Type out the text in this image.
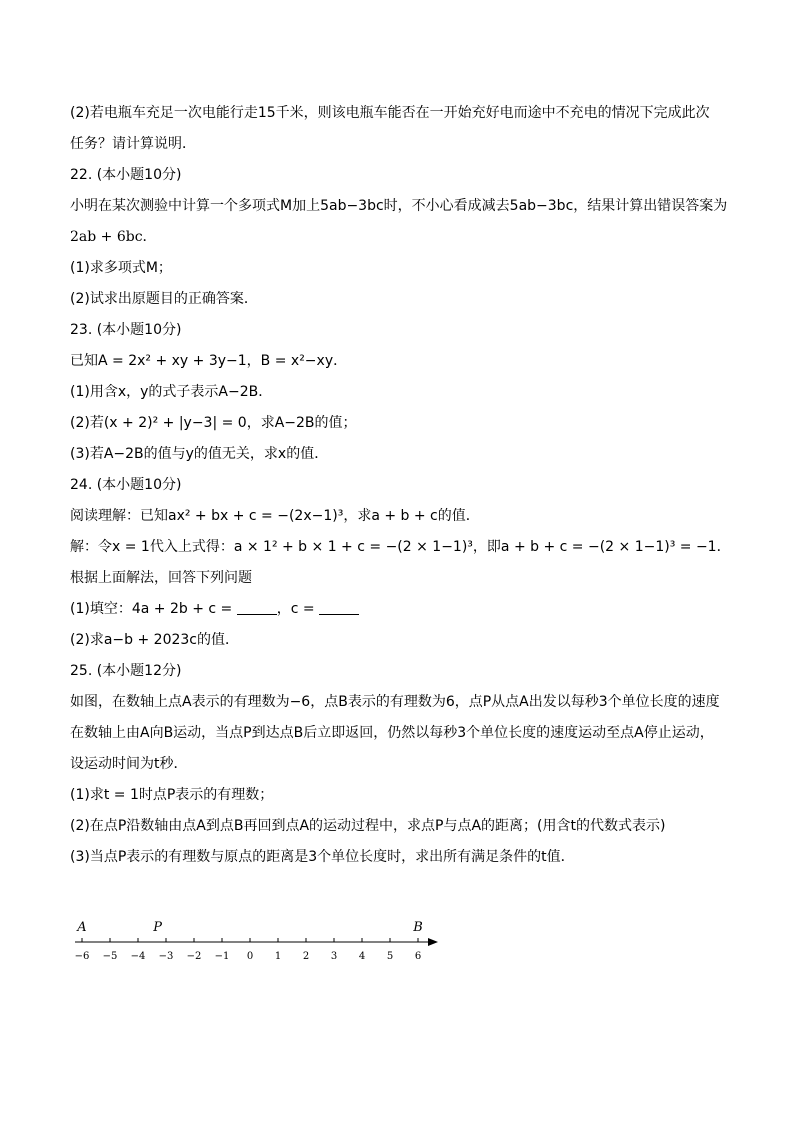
(2)若电瓶车充足一次电能行走15千米，则该电瓶车能否在一开始充好电而途中不充电的情况下完成此次
任务？请计算说明．
22. (本小题10分)
小明在某次测验中计算一个多项式M加上5ab−3bc时，不小心看成减去5ab−3bc，结果计算出错误答案为
2ab + 6bc．
(1)求多项式M；
(2)试求出原题目的正确答案．
23. (本小题10分)
已知A = 2x² + xy + 3y−1，B = x²−xy．
(1)用含x，y的式子表示A−2B．
(2)若(x + 2)² + |y−3| = 0，求A−2B的值；
(3)若A−2B的值与y的值无关，求x的值．
24. (本小题10分)
阅读理解：已知ax² + bx + c = −(2x−1)³，求a + b + c的值．
解：令x = 1代入上式得：a × 1² + b × 1 + c = −(2 × 1−1)³，即a + b + c = −(2 × 1−1)³ = −1．
根据上面解法，回答下列问题
(1)填空：4a + 2b + c =	，c =
(2)求a−b + 2023c的值．
25. (本小题12分)
如图，在数轴上点A表示的有理数为−6，点B表示的有理数为6，点P从点A出发以每秒3个单位长度的速度
在数轴上由A向B运动，当点P到达点B后立即返回，仍然以每秒3个单位长度的速度运动至点A停止运动，
设运动时间为t秒．
(1)求t = 1时点P表示的有理数；
(2)在点P沿数轴由点A到点B再回到点A的运动过程中，求点P与点A的距离；(用含t的代数式表示)
(3)当点P表示的有理数与原点的距离是3个单位长度时，求出所有满足条件的t值．
−6 −5 −4 −3 −2 −1 0 1 2 3 4 5 6
A	P	B
